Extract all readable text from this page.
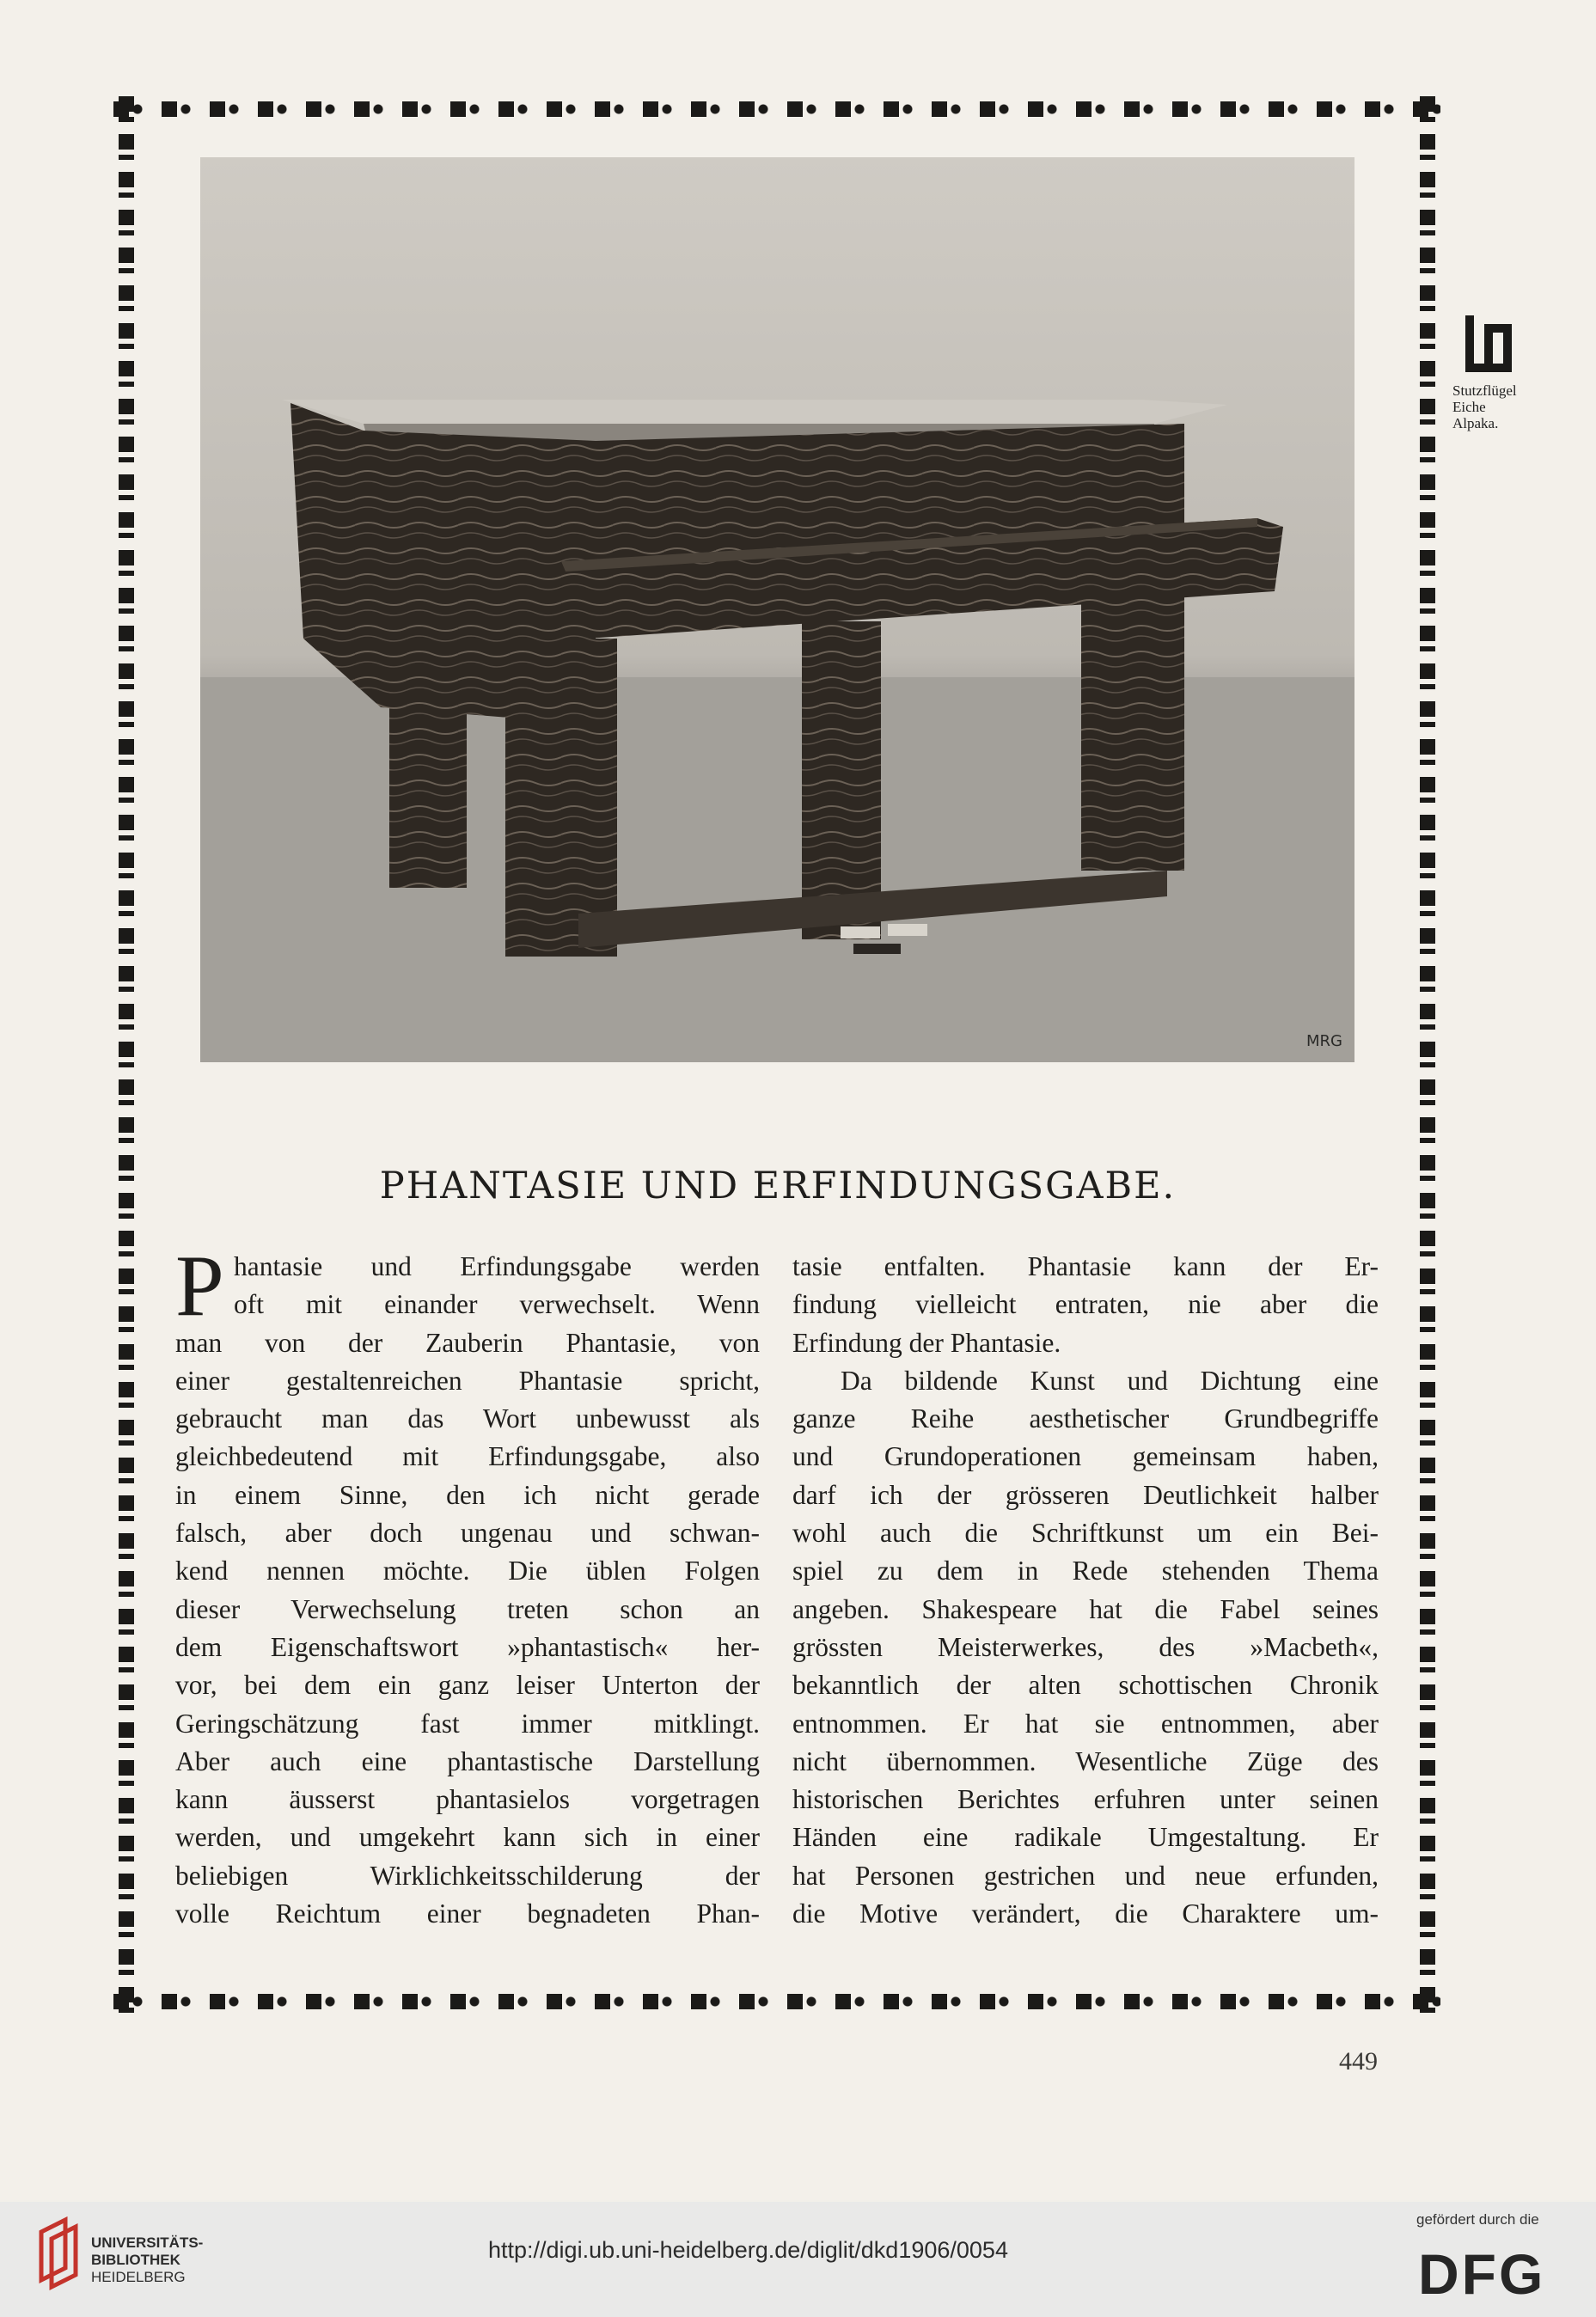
MRG
Stutzflügel
Eiche
Alpaka.
PHANTASIE UND ERFINDUNGSGABE.
P hantasie und Erfindungsgabe werden
oft mit einander verwechselt. Wenn
man von der Zauberin Phantasie, von
einer gestaltenreichen Phantasie spricht,
gebraucht man das Wort unbewusst als
gleichbedeutend mit Erfindungsgabe, also
in einem Sinne, den ich nicht gerade
falsch, aber doch ungenau und schwan-
kend nennen möchte. Die üblen Folgen
dieser Verwechselung treten schon an
dem Eigenschaftswort »phantastisch« her-
vor, bei dem ein ganz leiser Unterton der
Geringschätzung fast immer mitklingt.
Aber auch eine phantastische Darstellung
kann äusserst phantasielos vorgetragen
werden, und umgekehrt kann sich in einer
beliebigen Wirklichkeitsschilderung der
volle Reichtum einer begnadeten Phan-
tasie entfalten. Phantasie kann der Er-
findung vielleicht entraten, nie aber die
Erfindung der Phantasie.
Da bildende Kunst und Dichtung eine
ganze Reihe aesthetischer Grundbegriffe
und Grundoperationen gemeinsam haben,
darf ich der grösseren Deutlichkeit halber
wohl auch die Schriftkunst um ein Bei-
spiel zu dem in Rede stehenden Thema
angeben. Shakespeare hat die Fabel seines
grössten Meisterwerkes, des »Macbeth«,
bekanntlich der alten schottischen Chronik
entnommen. Er hat sie entnommen, aber
nicht übernommen. Wesentliche Züge des
historischen Berichtes erfuhren unter seinen
Händen eine radikale Umgestaltung. Er
hat Personen gestrichen und neue erfunden,
die Motive verändert, die Charaktere um-
449
UNIVERSITÄTS-
BIBLIOTHEK
HEIDELBERG
http://digi.ub.uni-heidelberg.de/diglit/dkd1906/0054
gefördert durch die
DFG
